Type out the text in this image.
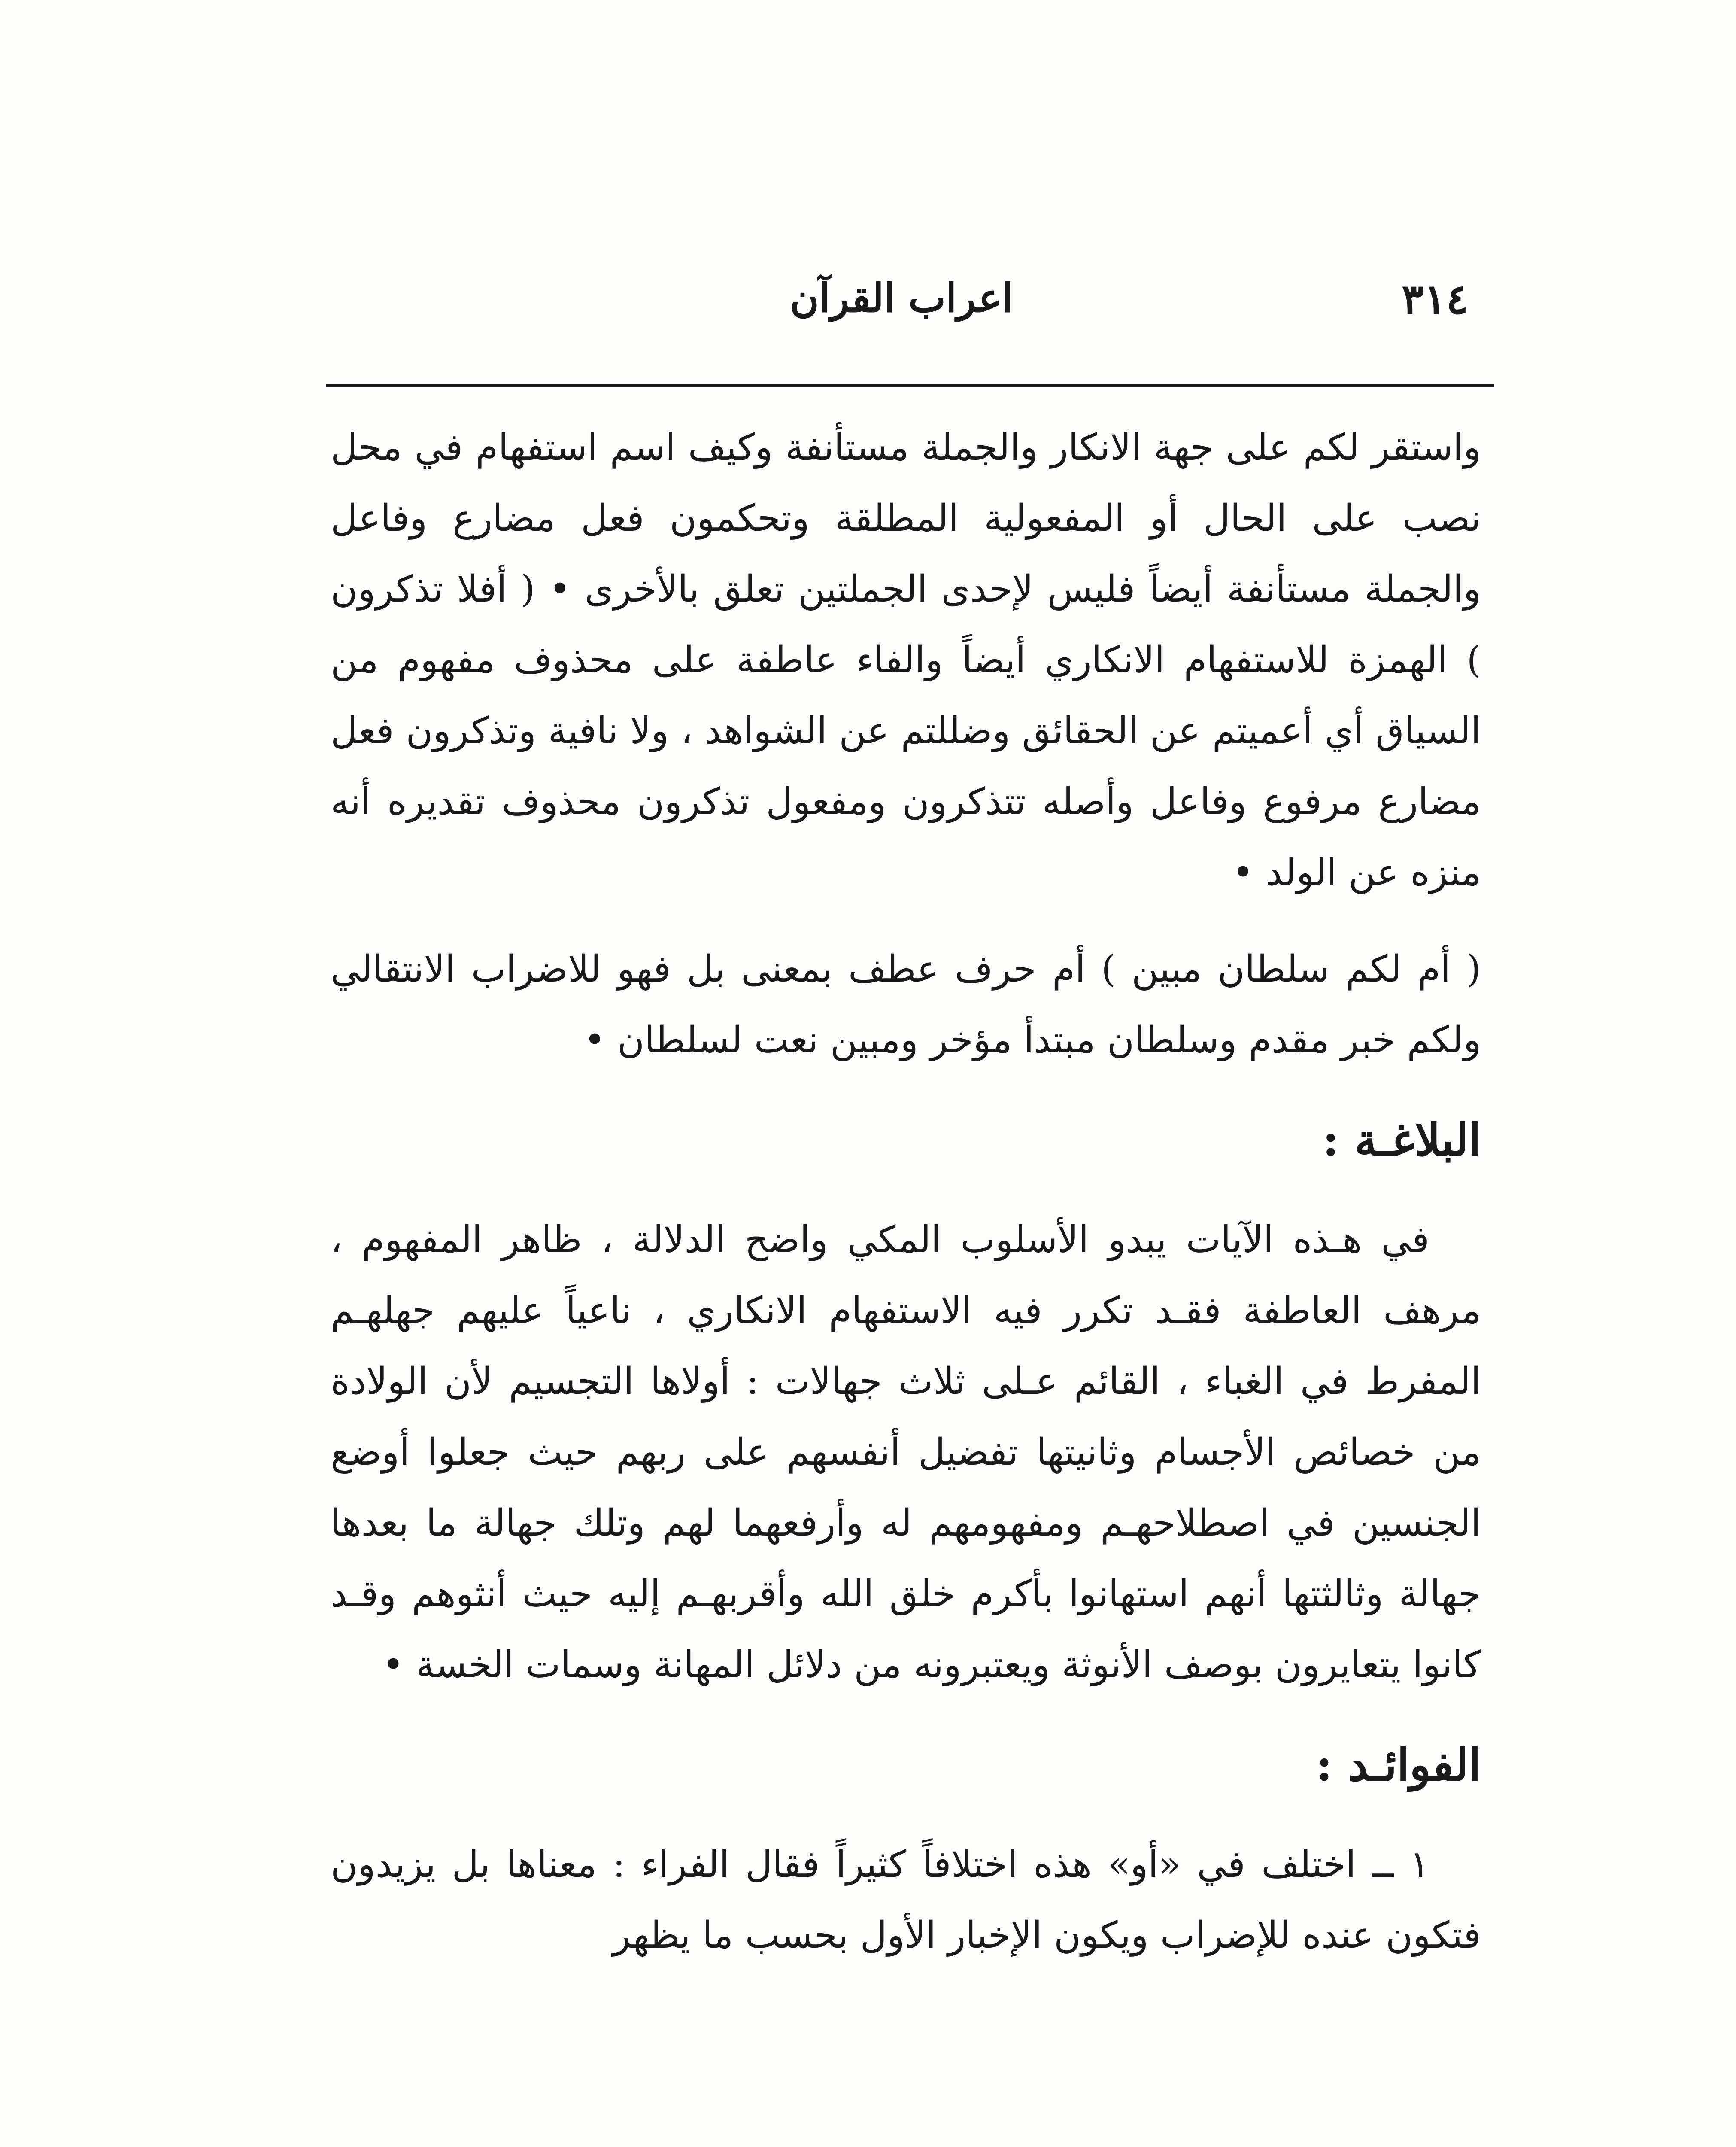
٣١٤
اعراب القرآن

واستقر لكم على جهة الانكار والجملة مستأنفة وكيف اسم استفهام في محل نصب على الحال أو المفعولية المطلقة وتحكمون فعل مضارع وفاعل والجملة مستأنفة أيضاً فليس لإحدى الجملتين تعلق بالأخرى • ( أفلا تذكرون ) الهمزة للاستفهام الانكاري أيضاً والفاء عاطفة على محذوف مفهوم من السياق أي أعميتم عن الحقائق وضللتم عن الشواهد ، ولا نافية وتذكرون فعل مضارع مرفوع وفاعل وأصله تتذكرون ومفعول تذكرون محذوف تقديره أنه منزه عن الولد •

( أم لكم سلطان مبين ) أم حرف عطف بمعنى بل فهو للاضراب الانتقالي ولكم خبر مقدم وسلطان مبتدأ مؤخر ومبين نعت لسلطان •

البلاغـة :

في هـذه الآيات يبدو الأسلوب المكي واضح الدلالة ، ظاهر المفهوم ، مرهف العاطفة فقـد تكرر فيه الاستفهام الانكاري ، ناعياً عليهم جهلهـم المفرط في الغباء ، القائم عـلى ثلاث جهالات : أولاها التجسيم لأن الولادة من خصائص الأجسام وثانيتها تفضيل أنفسهم على ربهم حيث جعلوا أوضع الجنسين في اصطلاحهـم ومفهومهم له وأرفعهما لهم وتلك جهالة ما بعدها جهالة وثالثتها أنهم استهانوا بأكرم خلق الله وأقربهـم إليه حيث أنثوهم وقـد كانوا يتعايرون بوصف الأنوثة ويعتبرونه من دلائل المهانة وسمات الخسة •

الفوائـد :

١ ــ اختلف في «أو» هذه اختلافاً كثيراً فقال الفراء : معناها بل يزيدون فتكون عنده للإضراب ويكون الإخبار الأول بحسب ما يظهر
